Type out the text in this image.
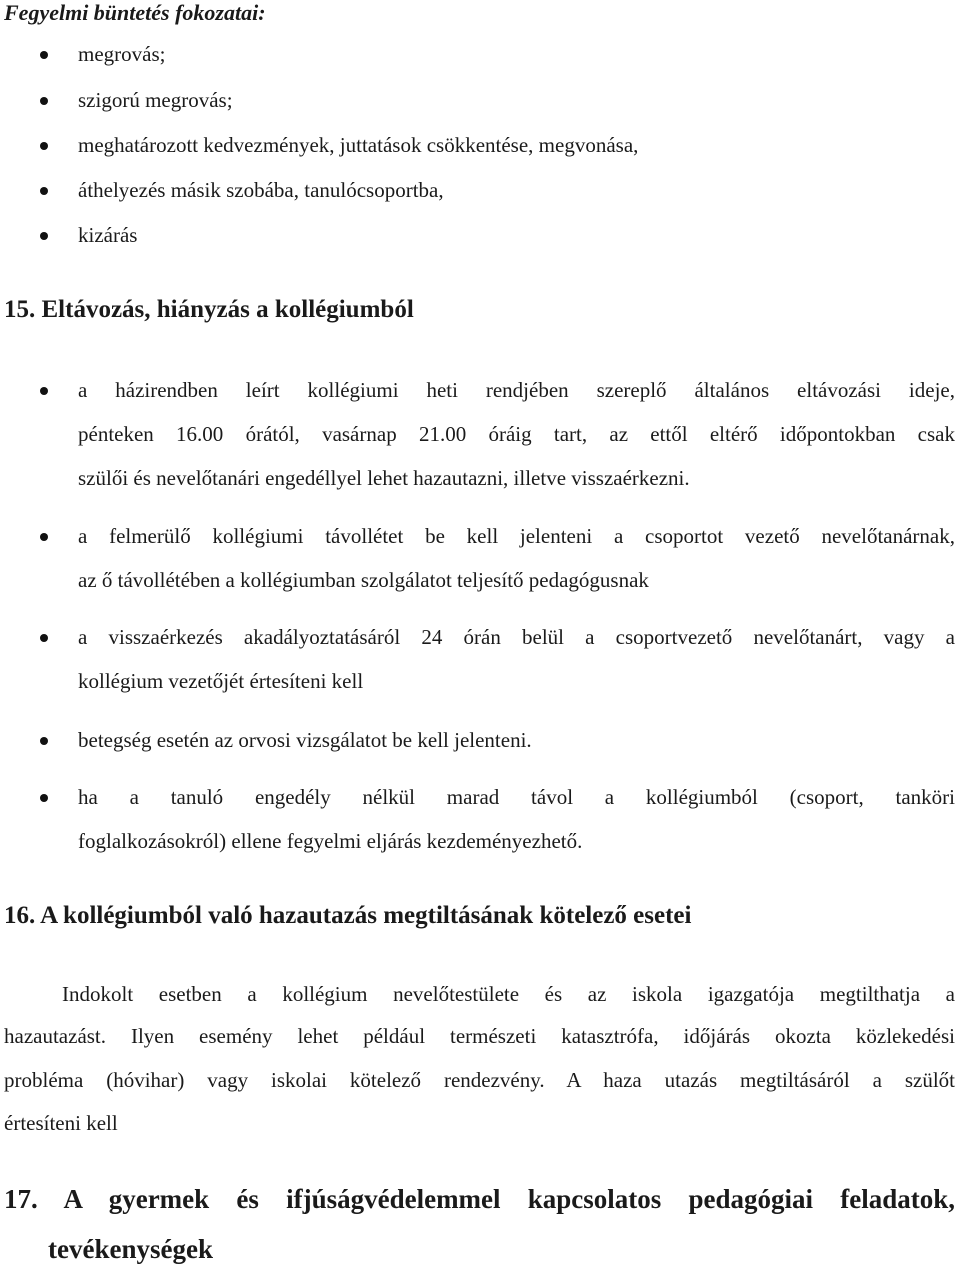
Fegyelmi büntetés fokozatai:
megrovás;
szigorú megrovás;
meghatározott kedvezmények, juttatások csökkentése, megvonása,
áthelyezés másik szobába, tanulócsoportba,
kizárás
15. Eltávozás, hiányzás a kollégiumból
a házirendben leírt kollégiumi heti rendjében szereplő általános eltávozási ideje,
pénteken 16.00 órától, vasárnap 21.00 óráig tart, az ettől eltérő időpontokban csak
szülői és nevelőtanári engedéllyel lehet hazautazni, illetve visszaérkezni.
a felmerülő kollégiumi távollétet be kell jelenteni a csoportot vezető nevelőtanárnak,
az ő távollétében a kollégiumban szolgálatot teljesítő pedagógusnak
a visszaérkezés akadályoztatásáról 24 órán belül a csoportvezető nevelőtanárt, vagy a
kollégium vezetőjét értesíteni kell
betegség esetén az orvosi vizsgálatot be kell jelenteni.
ha a tanuló engedély nélkül marad távol a kollégiumból (csoport, tanköri
foglalkozásokról) ellene fegyelmi eljárás kezdeményezhető.
16. A kollégiumból való hazautazás megtiltásának kötelező esetei
Indokolt esetben a kollégium nevelőtestülete és az iskola igazgatója megtilthatja a
hazautazást. Ilyen esemény lehet például természeti katasztrófa, időjárás okozta közlekedési
probléma (hóvihar) vagy iskolai kötelező rendezvény. A haza utazás megtiltásáról a szülőt
értesíteni kell
17.  A  gyermek  és  ifjúságvédelemmel  kapcsolatos  pedagógiai  feladatok,
tevékenységek
